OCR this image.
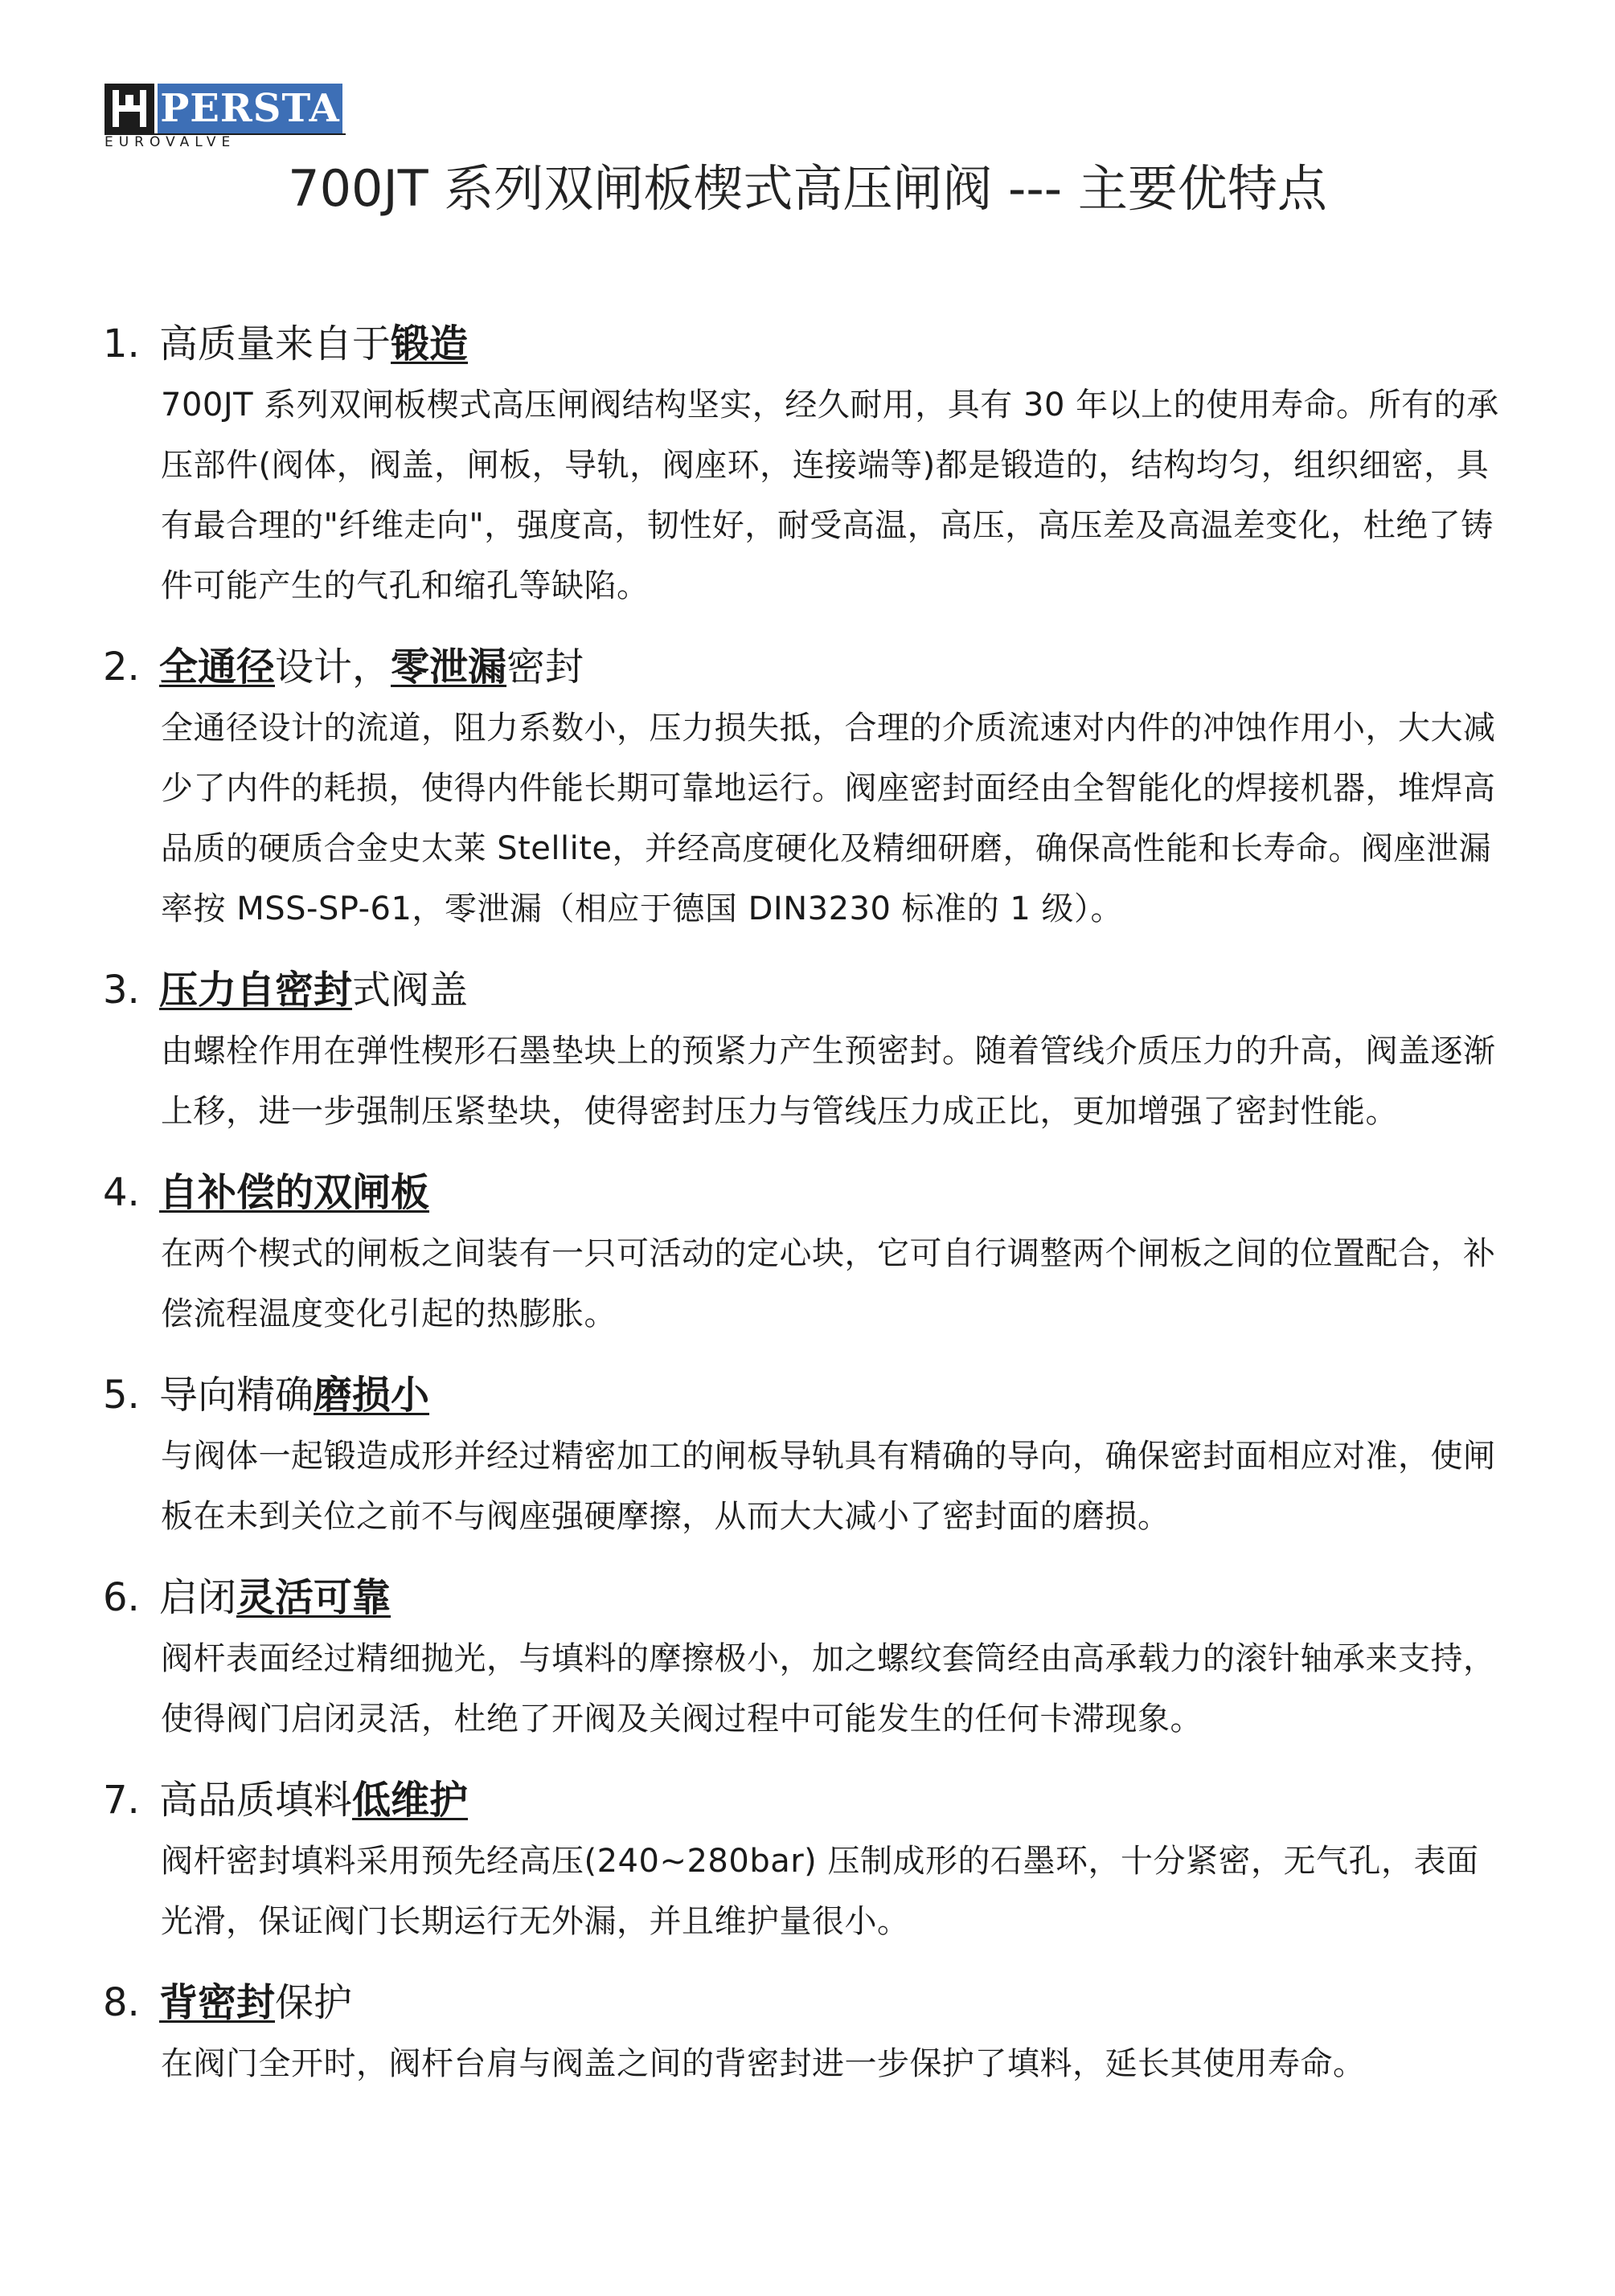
PERSTA
EUROVALVE
700JT 系列双闸板楔式高压闸阀 --- 主要优特点

1. 高质量来自于锻造

700JT 系列双闸板楔式高压闸阀结构坚实，经久耐用，具有 30 年以上的使用寿命。所有的承压部件(阀体，阀盖，闸板，导轨，阀座环，连接端等)都是锻造的，结构均匀，组织细密，具有最合理的"纤维走向"，强度高，韧性好，耐受高温，高压，高压差及高温差变化，杜绝了铸件可能产生的气孔和缩孔等缺陷。

2. 全通径设计，零泄漏密封

全通径设计的流道，阻力系数小，压力损失抵，合理的介质流速对内件的冲蚀作用小，大大减少了内件的耗损，使得内件能长期可靠地运行。阀座密封面经由全智能化的焊接机器，堆焊高品质的硬质合金史太莱 Stellite，并经高度硬化及精细研磨，确保高性能和长寿命。阀座泄漏率按 MSS-SP-61，零泄漏（相应于德国 DIN3230 标准的 1 级）。

3. 压力自密封式阀盖

由螺栓作用在弹性楔形石墨垫块上的预紧力产生预密封。随着管线介质压力的升高，阀盖逐渐上移，进一步强制压紧垫块，使得密封压力与管线压力成正比，更加增强了密封性能。

4. 自补偿的双闸板

在两个楔式的闸板之间装有一只可活动的定心块，它可自行调整两个闸板之间的位置配合，补偿流程温度变化引起的热膨胀。

5. 导向精确磨损小

与阀体一起锻造成形并经过精密加工的闸板导轨具有精确的导向，确保密封面相应对准，使闸板在未到关位之前不与阀座强硬摩擦，从而大大减小了密封面的磨损。

6. 启闭灵活可靠

阀杆表面经过精细抛光，与填料的摩擦极小，加之螺纹套筒经由高承载力的滚针轴承来支持，使得阀门启闭灵活，杜绝了开阀及关阀过程中可能发生的任何卡滞现象。

7. 高品质填料低维护

阀杆密封填料采用预先经高压(240~280bar) 压制成形的石墨环，十分紧密，无气孔，表面光滑，保证阀门长期运行无外漏，并且维护量很小。

8. 背密封保护

在阀门全开时，阀杆台肩与阀盖之间的背密封进一步保护了填料，延长其使用寿命。
